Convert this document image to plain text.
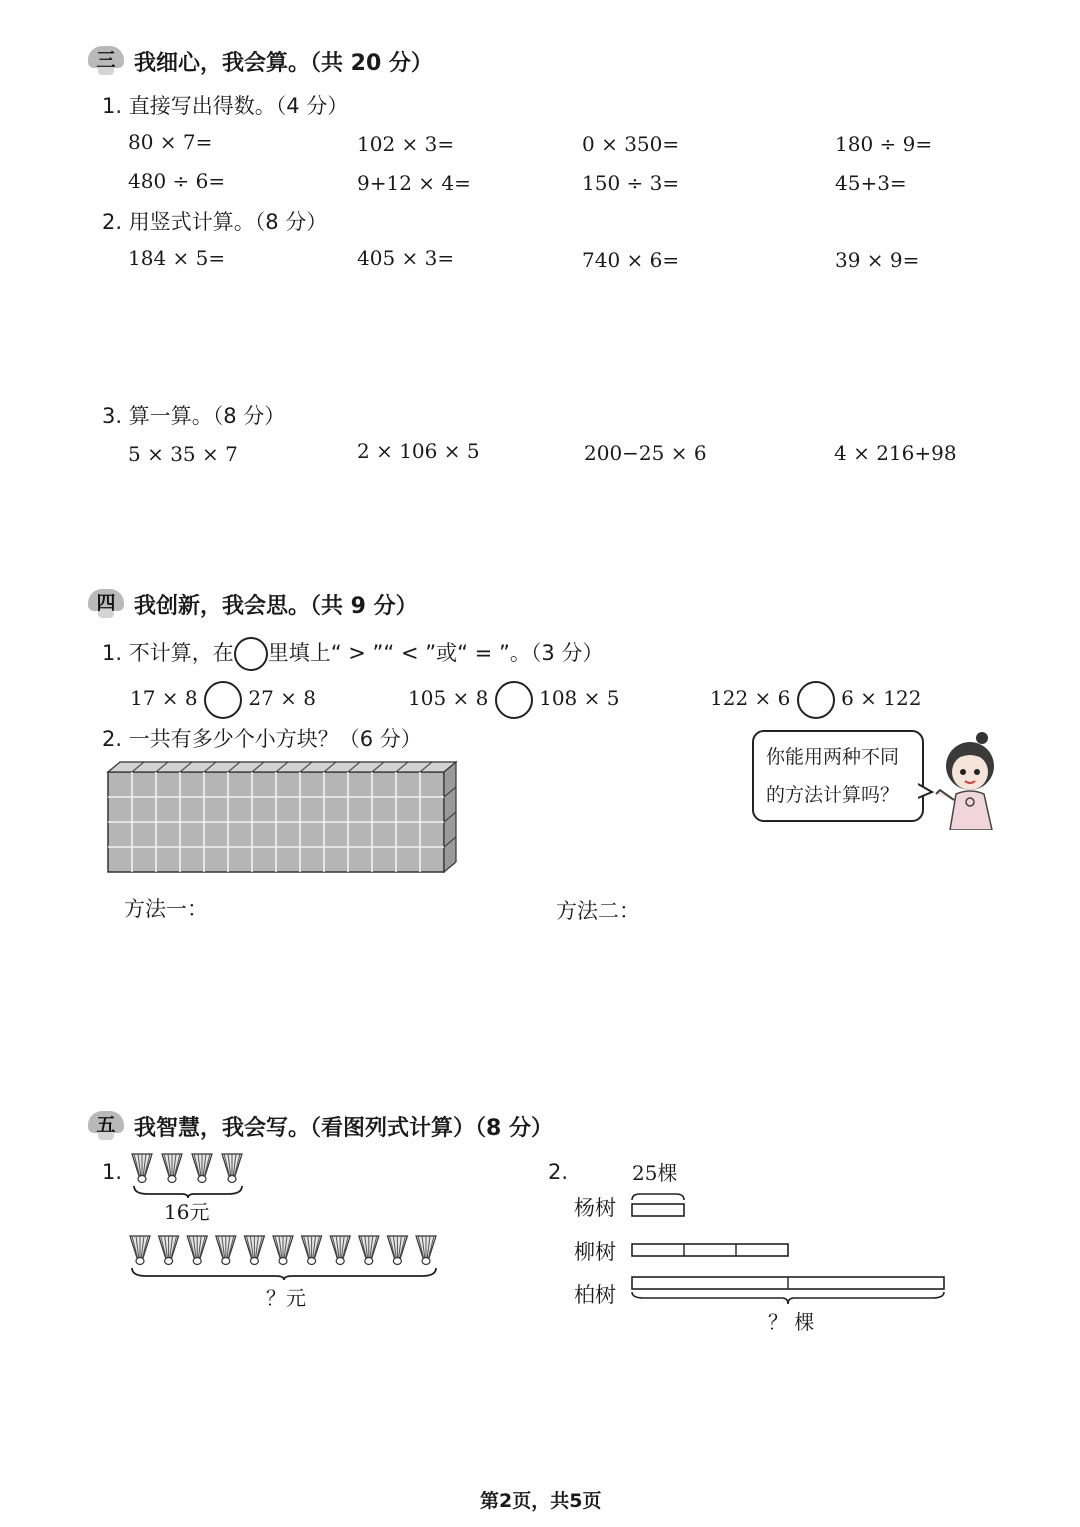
三 我细心，我会算。（共 20 分）
1. 直接写出得数。（4 分）
80 × 7=	102 × 3=	0 × 350=	180 ÷ 9=
480 ÷ 6=	9+12 × 4=	150 ÷ 3=	45+3=
2. 用竖式计算。（8 分）
184 × 5=	405 × 3=	740 × 6=	39 × 9=
3. 算一算。（8 分）
5 × 35 × 7	2 × 106 × 5	200−25 × 6	4 × 216+98
四 我创新，我会思。（共 9 分）
1. 不计算，在 里填上“ > ”“ < ”或“ = ”。（3 分）
17 × 8	27 × 8	105 × 8	108 × 5	122 × 6	6 × 122
2. 一共有多少个小方块？（6 分）
你能用两种不同的方法计算吗？
方法一：	方法二：
五 我智慧，我会写。（看图列式计算）（8 分）
1.
16元
？元
2.	25棵
杨树
柳树
柏树
？ 棵
第2页，共5页
